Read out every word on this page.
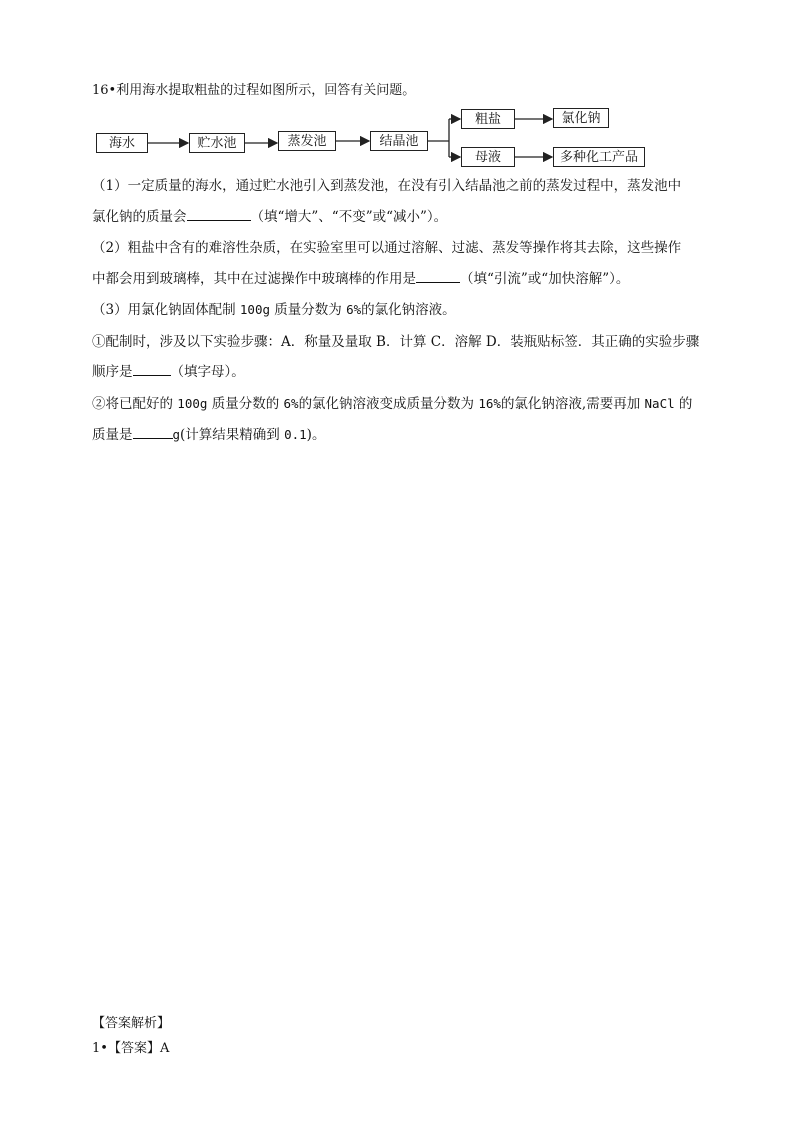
16•利用海水提取粗盐的过程如图所示，回答有关问题。
海水	贮水池	蒸发池	结晶池
粗盐	氯化钠
母液	多种化工产品
（1）一定质量的海水，通过贮水池引入到蒸发池，在没有引入结晶池之前的蒸发过程中，蒸发池中
氯化钠的质量会	（填“增大”、“不变”或“减小”）。
（2）粗盐中含有的难溶性杂质，在实验室里可以通过溶解、过滤、蒸发等操作将其去除，这些操作
中都会用到玻璃棒，其中在过滤操作中玻璃棒的作用是	（填“引流”或“加快溶解”）。
（3）用氯化钠固体配制 100g 质量分数为 6%的氯化钠溶液。
①配制时，涉及以下实验步骤：A．称量及量取 B．计算 C．溶解 D．装瓶贴标签．其正确的实验步骤
顺序是	（填字母）。
②将已配好的 100g 质量分数的 6%的氯化钠溶液变成质量分数为 16%的氯化钠溶液,需要再加 NaCl 的
质量是	g(计算结果精确到 0.1)。
【答案解析】
1•【答案】A
